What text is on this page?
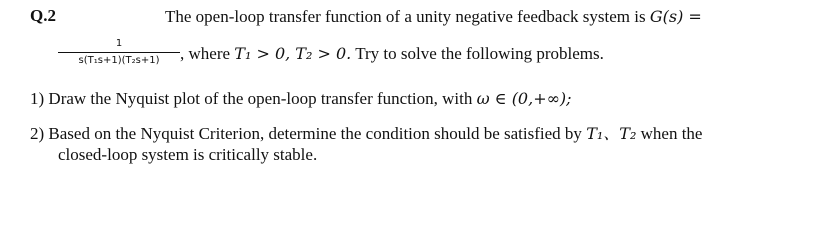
Q.2	The open-loop transfer function of a unity negative feedback system is G(s) =
1
s(T₁s+1)(T₂s+1) , where T₁ > 0, T₂ > 0. Try to solve the following problems.
1) Draw the Nyquist plot of the open-loop transfer function, with ω ∈ (0,+∞);
2) Based on the Nyquist Criterion, determine the condition should be satisfied by T₁、T₂ when the
closed-loop system is critically stable.
